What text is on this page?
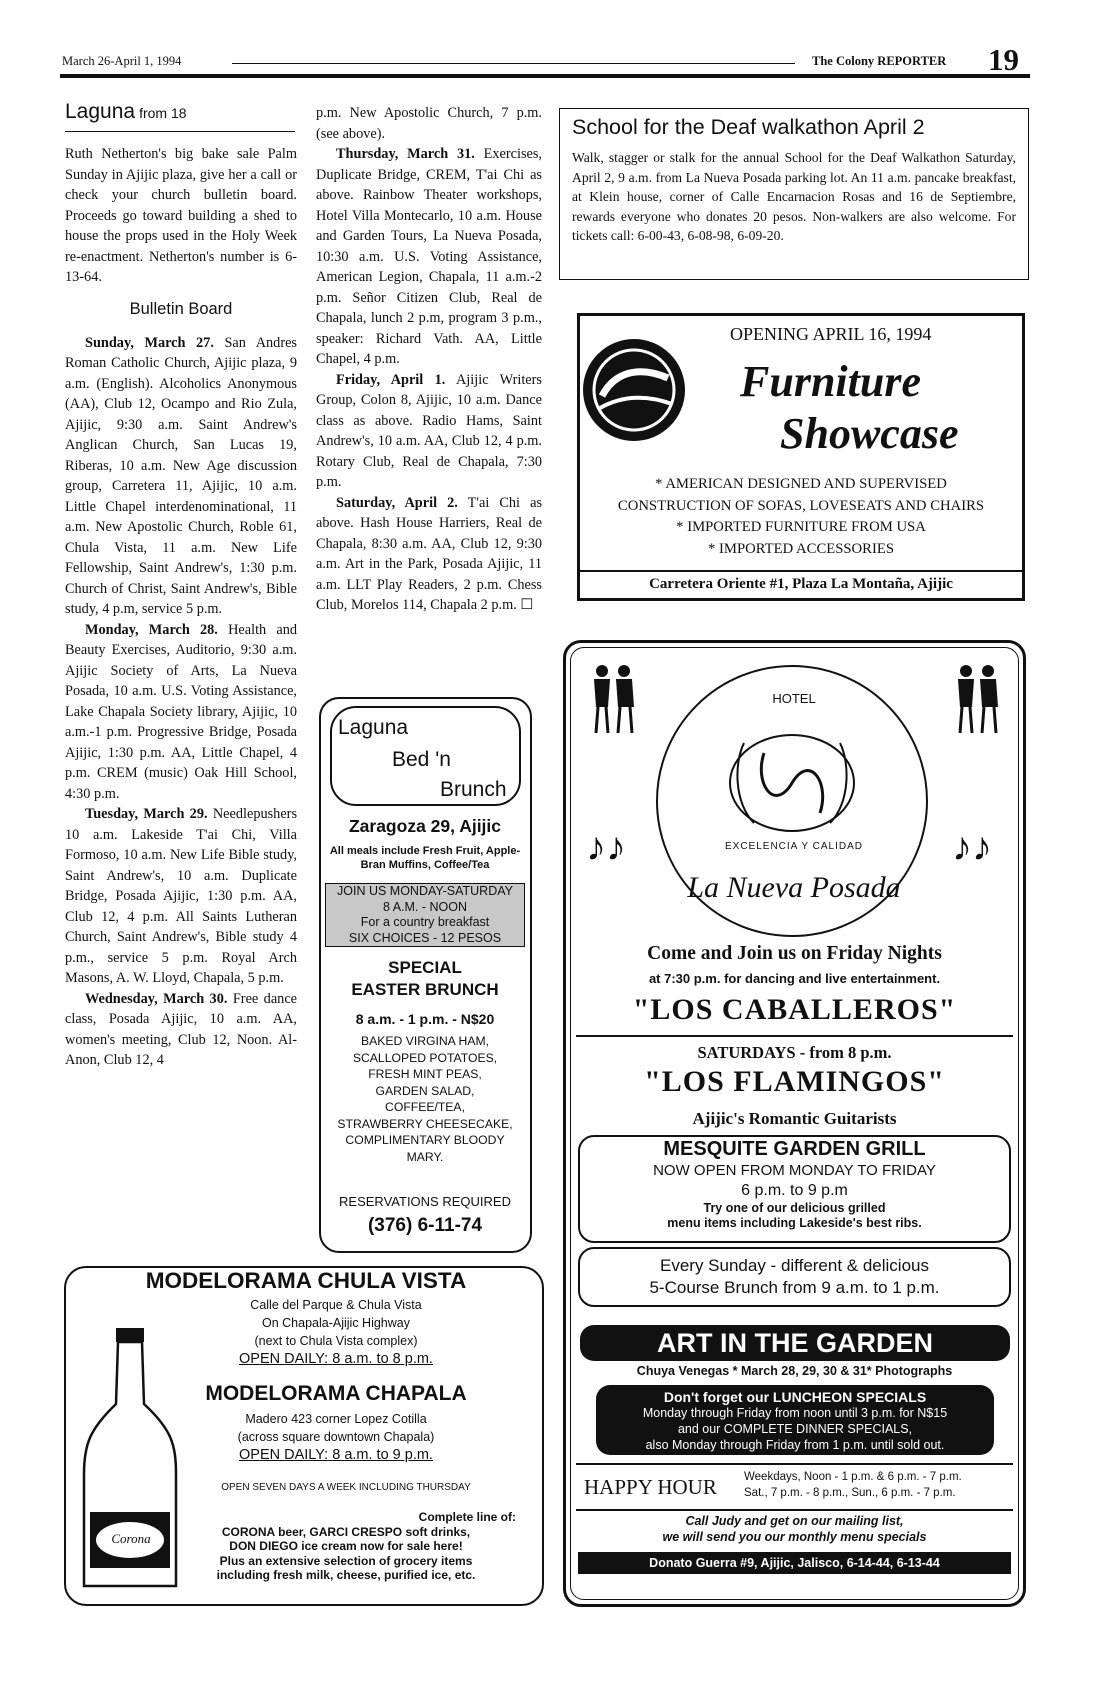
March 26-April 1, 1994	The Colony REPORTER 19
Laguna from 18

Ruth Netherton's big bake sale Palm Sunday in Ajijic plaza, give her a call or check your church bulletin board. Proceeds go toward building a shed to house the props used in the Holy Week re-enactment. Netherton's number is 6-13-64.

Bulletin Board

Sunday, March 27. San Andres Roman Catholic Church, Ajijic plaza, 9 a.m. (English). Alcoholics Anonymous (AA), Club 12, Ocampo and Rio Zula, Ajijic, 9:30 a.m. Saint Andrew's Anglican Church, San Lucas 19, Riberas, 10 a.m. New Age discussion group, Carretera 11, Ajijic, 10 a.m. Little Chapel interdenominational, 11 a.m. New Apostolic Church, Roble 61, Chula Vista, 11 a.m. New Life Fellowship, Saint Andrew's, 1:30 p.m. Church of Christ, Saint Andrew's, Bible study, 4 p.m, service 5 p.m.

Monday, March 28. Health and Beauty Exercises, Auditorio, 9:30 a.m. Ajijic Society of Arts, La Nueva Posada, 10 a.m. U.S. Voting Assistance, Lake Chapala Society library, Ajijic, 10 a.m.-1 p.m. Progressive Bridge, Posada Ajijic, 1:30 p.m. AA, Little Chapel, 4 p.m. CREM (music) Oak Hill School, 4:30 p.m.

Tuesday, March 29. Needlepushers 10 a.m. Lakeside T'ai Chi, Villa Formoso, 10 a.m. New Life Bible study, Saint Andrew's, 10 a.m. Duplicate Bridge, Posada Ajijic, 1:30 p.m. AA, Club 12, 4 p.m. All Saints Lutheran Church, Saint Andrew's, Bible study 4 p.m., service 5 p.m. Royal Arch Masons, A. W. Lloyd, Chapala, 5 p.m.

Wednesday, March 30. Free dance class, Posada Ajijic, 10 a.m. AA, women's meeting, Club 12, Noon. Al-Anon, Club 12, 4

p.m. New Apostolic Church, 7 p.m. (see above).

Thursday, March 31. Exercises, Duplicate Bridge, CREM, T'ai Chi as above. Rainbow Theater workshops, Hotel Villa Montecarlo, 10 a.m. House and Garden Tours, La Nueva Posada, 10:30 a.m. U.S. Voting Assistance, American Legion, Chapala, 11 a.m.-2 p.m. Señor Citizen Club, Real de Chapala, lunch 2 p.m, program 3 p.m., speaker: Richard Vath. AA, Little Chapel, 4 p.m.

Friday, April 1. Ajijic Writers Group, Colon 8, Ajijic, 10 a.m. Dance class as above. Radio Hams, Saint Andrew's, 10 a.m. AA, Club 12, 4 p.m. Rotary Club, Real de Chapala, 7:30 p.m.

Saturday, April 2. T'ai Chi as above. Hash House Harriers, Real de Chapala, 8:30 a.m. AA, Club 12, 9:30 a.m. Art in the Park, Posada Ajijic, 11 a.m. LLT Play Readers, 2 p.m. Chess Club, Morelos 114, Chapala 2 p.m. ☐

School for the Deaf walkathon April 2

Walk, stagger or stalk for the annual School for the Deaf Walkathon Saturday, April 2, 9 a.m. from La Nueva Posada parking lot. An 11 a.m. pancake breakfast, at Klein house, corner of Calle Encarnacion Rosas and 16 de Septiembre, rewards everyone who donates 20 pesos. Non-walkers are also welcome. For tickets call: 6-00-43, 6-08-98, 6-09-20.

OPENING APRIL 16, 1994
Furniture
Showcase
* AMERICAN DESIGNED AND SUPERVISED
CONSTRUCTION OF SOFAS, LOVESEATS AND CHAIRS
* IMPORTED FURNITURE FROM USA
* IMPORTED ACCESSORIES
Carretera Oriente #1, Plaza La Montaña, Ajijic
Laguna
Bed 'n
Brunch
Zaragoza 29, Ajijic
All meals include Fresh Fruit, Apple-Bran Muffins, Coffee/Tea
JOIN US MONDAY-SATURDAY
8 A.M. - NOON
For a country breakfast
SIX CHOICES - 12 PESOS
SPECIAL
EASTER BRUNCH
8 a.m. - 1 p.m. - N$20
BAKED VIRGINA HAM,
SCALLOPED POTATOES,
FRESH MINT PEAS,
GARDEN SALAD,
COFFEE/TEA,
STRAWBERRY CHEESECAKE,
COMPLIMENTARY BLOODY
MARY.
RESERVATIONS REQUIRED
(376) 6-11-74
MODELORAMA CHULA VISTA
Calle del Parque & Chula Vista
On Chapala-Ajijic Highway
(next to Chula Vista complex)
OPEN DAILY: 8 a.m. to 8 p.m.
MODELORAMA CHAPALA
Madero 423 corner Lopez Cotilla
(across square downtown Chapala)
OPEN DAILY: 8 a.m. to 9 p.m.
OPEN SEVEN DAYS A WEEK INCLUDING THURSDAY
Complete line of:
CORONA beer, GARCI CRESPO soft drinks,
DON DIEGO ice cream now for sale here!
Plus an extensive selection of grocery items
including fresh milk, cheese, purified ice, etc.
Corona
HOTEL
EXCELENCIA Y CALIDAD
La Nueva Posada
♪♪	♪♪
Come and Join us on Friday Nights
at 7:30 p.m. for dancing and live entertainment.
"LOS CABALLEROS"
SATURDAYS - from 8 p.m.
"LOS FLAMINGOS"
Ajijic's Romantic Guitarists
MESQUITE GARDEN GRILL
NOW OPEN FROM MONDAY TO FRIDAY
6 p.m. to 9 p.m
Try one of our delicious grilled
menu items including Lakeside's best ribs.
Every Sunday - different & delicious
5-Course Brunch from 9 a.m. to 1 p.m.
ART IN THE GARDEN
Chuya Venegas * March 28, 29, 30 & 31* Photographs
Don't forget our LUNCHEON SPECIALS
Monday through Friday from noon until 3 p.m. for N$15
and our COMPLETE DINNER SPECIALS,
also Monday through Friday from 1 p.m. until sold out.
HAPPY HOUR Weekdays, Noon - 1 p.m. & 6 p.m. - 7 p.m.
Sat., 7 p.m. - 8 p.m., Sun., 6 p.m. - 7 p.m.
Call Judy and get on our mailing list,
we will send you our monthly menu specials
Donato Guerra #9, Ajijic, Jalisco, 6-14-44, 6-13-44
